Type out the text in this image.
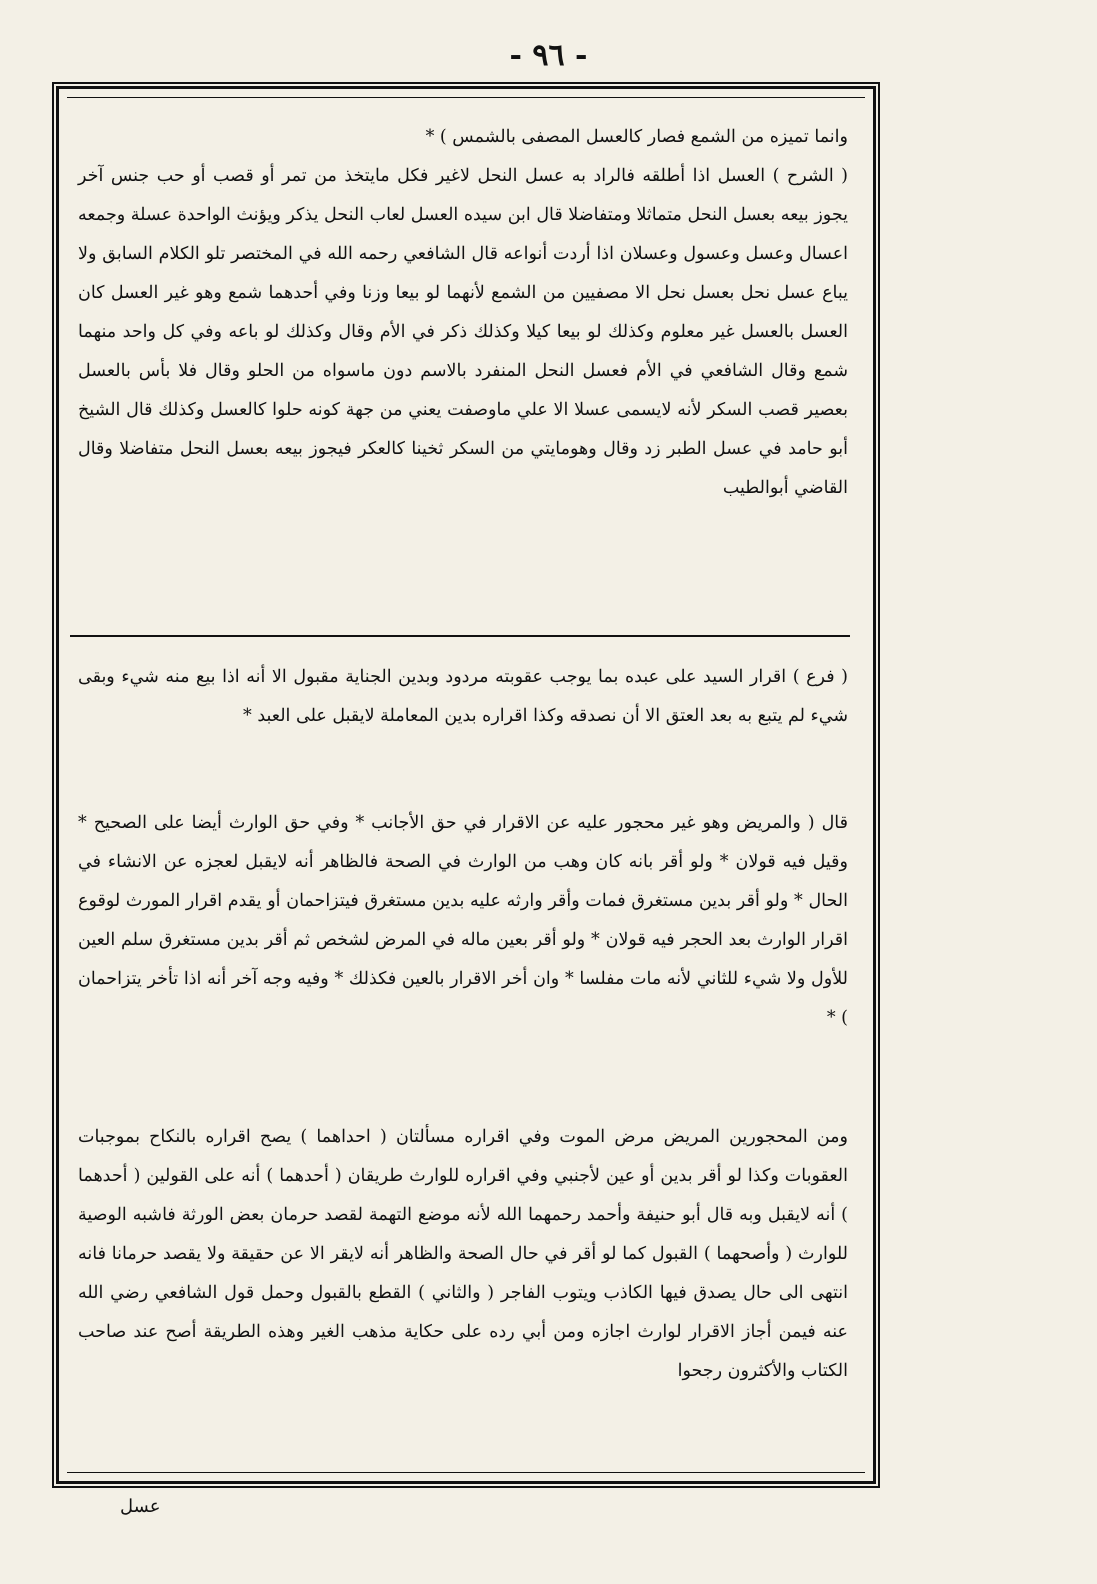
- ٩٦ -

وانما تميزه من الشمع فصار كالعسل المصفى بالشمس ) *

( الشرح ) العسل اذا أطلقه فالراد به عسل النحل لاغير فكل مايتخذ من تمر أو قصب أو حب جنس آخر يجوز بيعه بعسل النحل متماثلا ومتفاضلا قال ابن سيده العسل لعاب النحل يذكر ويؤنث الواحدة عسلة وجمعه اعسال وعسل وعسول وعسلان اذا أردت أنواعه قال الشافعي رحمه الله في المختصر تلو الكلام السابق ولا يباع عسل نحل بعسل نحل الا مصفيين من الشمع لأنهما لو بيعا وزنا وفي أحدهما شمع وهو غير العسل كان العسل بالعسل غير معلوم وكذلك لو بيعا كيلا وكذلك ذكر في الأم وقال وكذلك لو باعه وفي كل واحد منهما شمع وقال الشافعي في الأم فعسل النحل المنفرد بالاسم دون ماسواه من الحلو وقال فلا بأس بالعسل بعصير قصب السكر لأنه لايسمى عسلا الا علي ماوصفت يعني من جهة كونه حلوا كالعسل وكذلك قال الشيخ أبو حامد في عسل الطبر زد وقال وهومايتي من السكر ثخينا كالعكر فيجوز بيعه بعسل النحل متفاضلا وقال القاضي أبوالطيب

( فرع ) اقرار السيد على عبده بما يوجب عقوبته مردود وبدين الجناية مقبول الا أنه اذا بيع منه شيء وبقى شيء لم يتبع به بعد العتق الا أن نصدقه وكذا اقراره بدين المعاملة لايقبل على العبد *

قال ( والمريض وهو غير محجور عليه عن الاقرار في حق الأجانب * وفي حق الوارث أيضا على الصحيح * وقيل فيه قولان * ولو أقر بانه كان وهب من الوارث في الصحة فالظاهر أنه لايقبل لعجزه عن الانشاء في الحال * ولو أقر بدين مستغرق فمات وأقر وارثه عليه بدين مستغرق فيتزاحمان أو يقدم اقرار المورث لوقوع اقرار الوارث بعد الحجر فيه قولان * ولو أقر بعين ماله في المرض لشخص ثم أقر بدين مستغرق سلم العين للأول ولا شيء للثاني لأنه مات مفلسا * وان أخر الاقرار بالعين فكذلك * وفيه وجه آخر أنه اذا تأخر يتزاحمان ) *

ومن المحجورين المريض مرض الموت وفي اقراره مسألتان ( احداهما ) يصح اقراره بالنكاح بموجبات العقوبات وكذا لو أقر بدين أو عين لأجنبي وفي اقراره للوارث طريقان ( أحدهما ) أنه على القولين ( أحدهما ) أنه لايقبل وبه قال أبو حنيفة وأحمد رحمهما الله لأنه موضع التهمة لقصد حرمان بعض الورثة فاشبه الوصية للوارث ( وأصحهما ) القبول كما لو أقر في حال الصحة والظاهر أنه لايقر الا عن حقيقة ولا يقصد حرمانا فانه انتهى الى حال يصدق فيها الكاذب ويتوب الفاجر ( والثاني ) القطع بالقبول وحمل قول الشافعي رضي الله عنه فيمن أجاز الاقرار لوارث اجازه ومن أبي رده على حكاية مذهب الغير وهذه الطريقة أصح عند صاحب الكتاب والأكثرون رجحوا

عسل
